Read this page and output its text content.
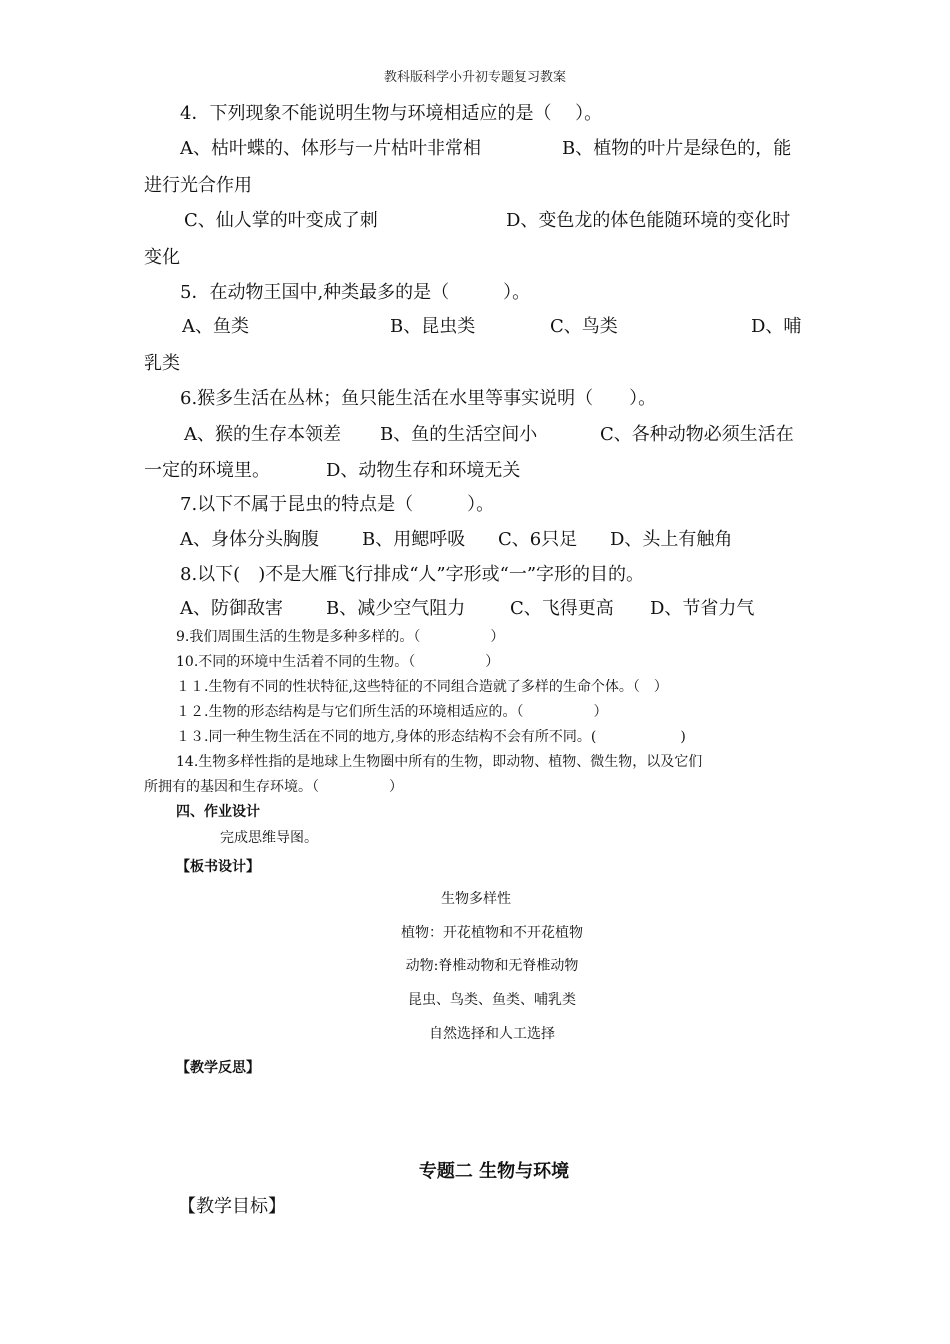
教科版科学小升初专题复习教案
4．下列现象不能说明生物与环境相适应的是（　 ）。
A、枯叶蝶的、体形与一片枯叶非常相	B、植物的叶片是绿色的，能
进行光合作用
C、仙人掌的叶变成了刺	D、变色龙的体色能随环境的变化时
变化
5．在动物王国中,种类最多的是（　　　）。
A、鱼类	B、昆虫类	C、鸟类	D、哺
乳类
6.猴多生活在丛林；鱼只能生活在水里等事实说明（　　）。
A、猴的生存本领差 B、鱼的生活空间小	C、各种动物必须生活在
一定的环境里。	D、动物生存和环境无关
7.以下不属于昆虫的特点是（　　　）。
A、身体分头胸腹 B、用鳃呼吸 C、6只足 D、头上有触角
8.以下(　)不是大雁飞行排成“人”字形或“一”字形的目的。
A、防御敌害 B、减少空气阻力 C、飞得更高 D、节省力气
9.我们周围生活的生物是多种多样的。（　　　　　）
10.不同的环境中生活着不同的生物。（　　　　　）
１１.生物有不同的性状特征,这些特征的不同组合造就了多样的生命个体。（　）
１２.生物的形态结构是与它们所生活的环境相适应的。（　　　　　）
１３.同一种生物生活在不同的地方,身体的形态结构不会有所不同。(　　　　　　)
14.生物多样性指的是地球上生物圈中所有的生物，即动物、植物、微生物，以及它们
所拥有的基因和生存环境。（　　　　　）
四、作业设计
完成思维导图。
【板书设计】
生物多样性
植物：开花植物和不开花植物
动物:脊椎动物和无脊椎动物
昆虫、鸟类、鱼类、哺乳类
自然选择和人工选择
【教学反思】
专题二 生物与环境
【教学目标】
